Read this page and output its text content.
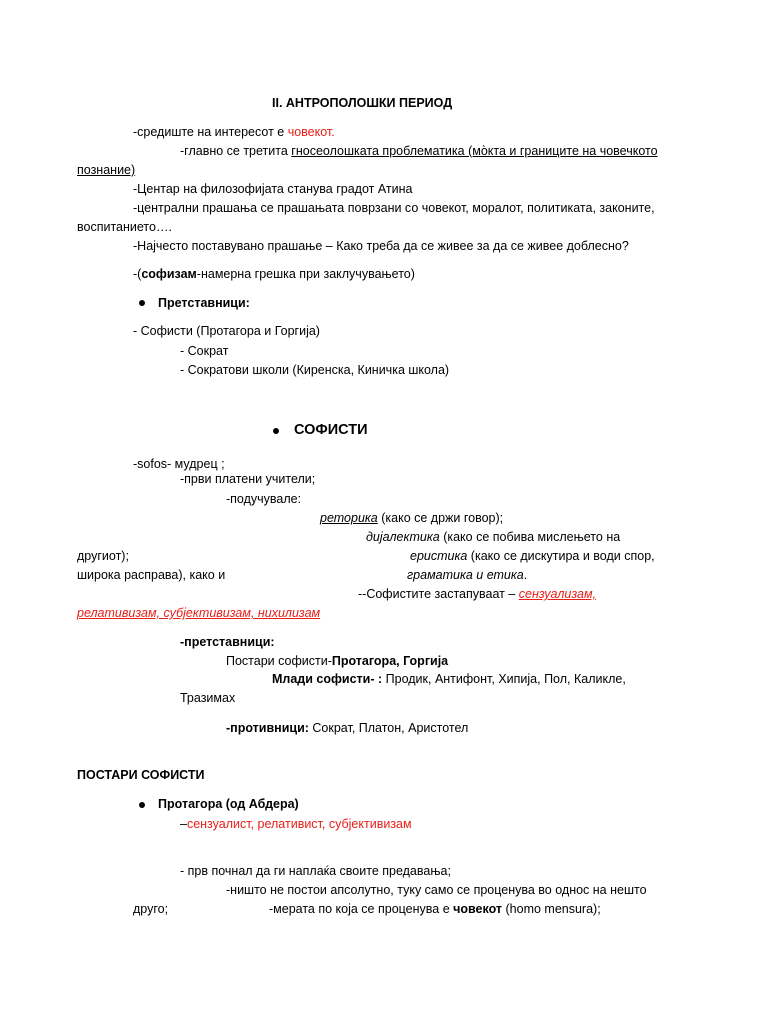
II. АНТРОПОЛОШКИ ПЕРИОД
-средиште на интересот е човекот.
-главно се третита гносеолошката проблематика (мо̀кта и границите на човечкото
познание)
-Центар на филозофијата станува градот Атина
-централни прашања се прашањата поврзани со човекот, моралот, политиката, законите,
воспитанието….
-Најчесто поставувано прашање – Како треба да се живее за да се живее доблесно?
-(софизам-намерна грешка при заклучувањето)
Претставници:
- Софисти (Протагора и Горгија)
- Сократ
- Сократови школи (Киренска, Киничка школа)
СОФИСТИ
-sofos- мудрец ;
-први платени учители;
-подучувале:
реторика (како се држи говор);
дијалектика (како се побива мислењето на
другиот);	еристика (како се дискутира и води спор,
широка расправа), како и	граматика и етика.
--Софистите застапуваат – сензуализам,
релативизам, субјективизам, нихилизам
-претставници:
Постари софисти-Протагора, Горгија
Млади софисти- : Продик, Антифонт, Хипија, Пол, Каликле,
Тразимах
-противници: Сократ, Платон, Аристотел
ПОСТАРИ СОФИСТИ
Протагора (од Абдера)
–сензуалист, релативист, субјективизам
- прв почнал да ги наплаќа своите предавања;
-ништо не постои апсолутно, туку само се проценува во однос на нешто
друго;	-мерата по која се проценува е човекот (homo mensura);
